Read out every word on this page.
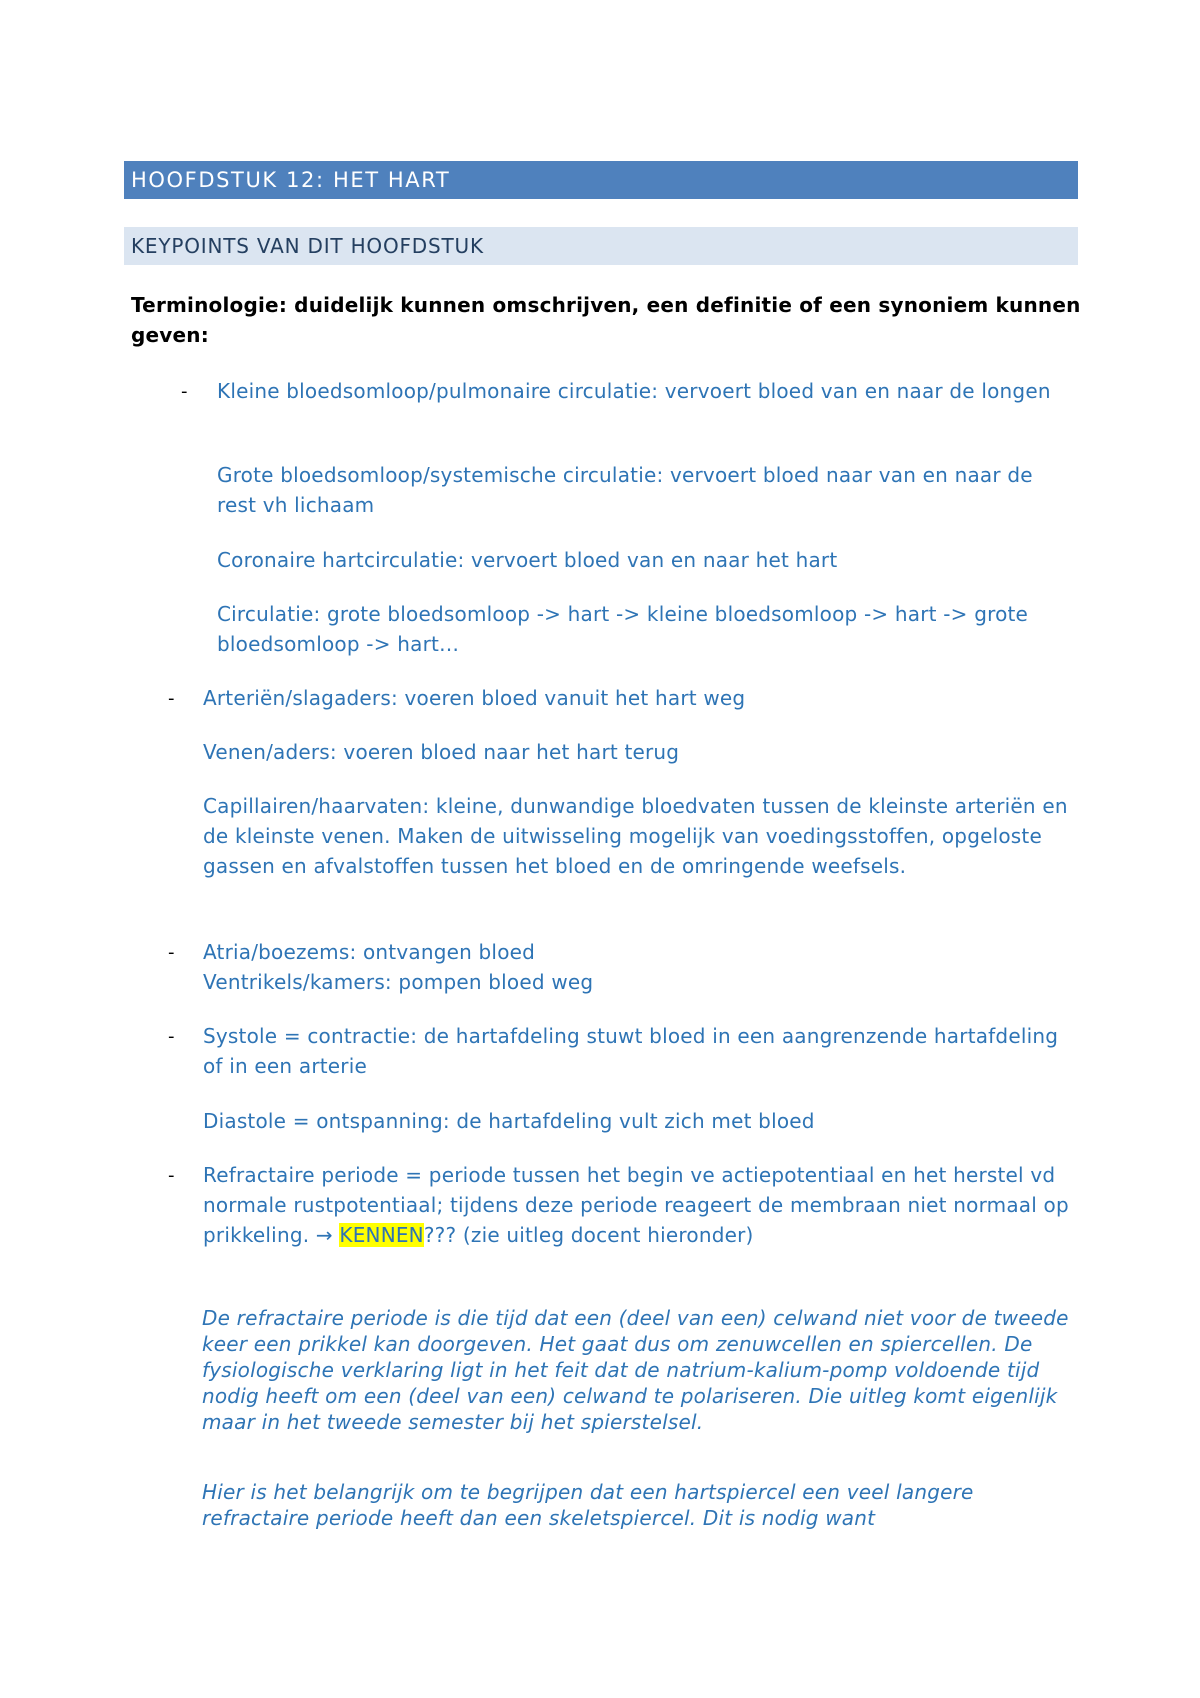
HOOFDSTUK 12: HET HART
KEYPOINTS VAN DIT HOOFDSTUK
Terminologie: duidelijk kunnen omschrijven, een definitie of een synoniem kunnen geven:
- Kleine bloedsomloop/pulmonaire circulatie: vervoert bloed van en naar de longen
Grote bloedsomloop/systemische circulatie: vervoert bloed naar van en naar de rest vh lichaam
Coronaire hartcirculatie: vervoert bloed van en naar het hart
Circulatie: grote bloedsomloop -> hart -> kleine bloedsomloop -> hart -> grote bloedsomloop -> hart…
- Arteriën/slagaders: voeren bloed vanuit het hart weg
Venen/aders: voeren bloed naar het hart terug
Capillairen/haarvaten: kleine, dunwandige bloedvaten tussen de kleinste arteriën en de kleinste venen. Maken de uitwisseling mogelijk van voedingsstoffen, opgeloste gassen en afvalstoffen tussen het bloed en de omringende weefsels.
- Atria/boezems: ontvangen bloed
Ventrikels/kamers: pompen bloed weg
- Systole = contractie: de hartafdeling stuwt bloed in een aangrenzende hartafdeling of in een arterie
Diastole = ontspanning: de hartafdeling vult zich met bloed
- Refractaire periode = periode tussen het begin ve actiepotentiaal en het herstel vd normale rustpotentiaal; tijdens deze periode reageert de membraan niet normaal op prikkeling. → KENNEN??? (zie uitleg docent hieronder)
De refractaire periode is die tijd dat een (deel van een) celwand niet voor de tweede keer een prikkel kan doorgeven. Het gaat dus om zenuwcellen en spiercellen. De fysiologische verklaring ligt in het feit dat de natrium-kalium-pomp voldoende tijd nodig heeft om een (deel van een) celwand te polariseren. Die uitleg komt eigenlijk maar in het tweede semester bij het spierstelsel.
Hier is het belangrijk om te begrijpen dat een hartspiercel een veel langere refractaire periode heeft dan een skeletspiercel. Dit is nodig want
